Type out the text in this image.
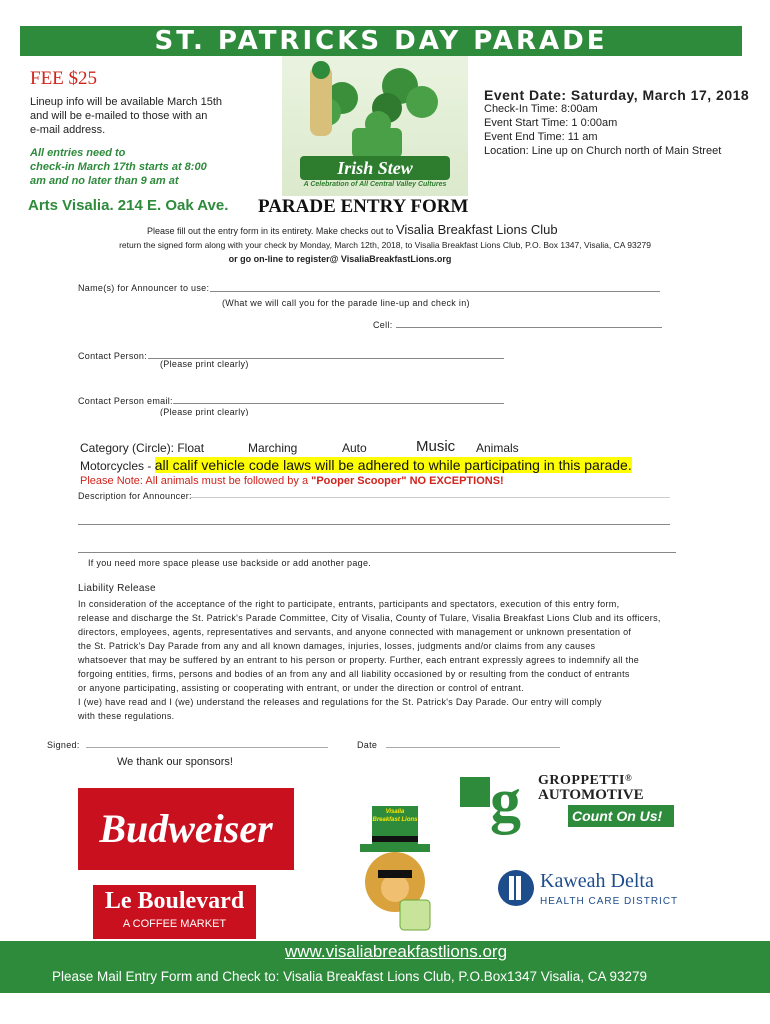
ST. PATRICKS DAY PARADE
FEE $25
Lineup info will be available March 15th
and will be e-mailed to those with an
e-mail address.
All entries need to
check-in March 17th starts at 8:00
am and no later than 9 am at
Arts Visalia. 214 E. Oak Ave.
Irish Stew
A Celebration of All Central Valley Cultures
PARADE ENTRY FORM
Event Date: Saturday, March 17, 2018
Check-In Time: 8:00am
Event Start Time: 1 0:00am
Event End Time: 11 am
Location: Line up on Church north of Main Street
Please fill out the entry form in its entirety. Make checks out to Visalia Breakfast Lions Club
return the signed form along with your check by Monday, March 12th, 2018, to Visalia Breakfast Lions Club, P.O. Box 1347, Visalia, CA 93279
or go on-line to register@ VisaliaBreakfastLions.org
Name(s) for Announcer to use:
(What we will call you for the parade line-up and check in)
Cell:
Contact Person:
(Please print clearly)
Contact Person email:
(Please print clearly)
Category (Circle): Float	Marching	Auto	Music Animals
Motorcycles - all calif vehicle code laws will be adhered to while participating in this parade.
Please Note: All animals must be followed by a "Pooper Scooper" NO EXCEPTIONS!
Description for Announcer:
If you need more space please use backside or add another page.
Liability Release
In consideration of the acceptance of the right to participate, entrants, participants and spectators, execution of this entry form,
release and discharge the St. Patrick's Parade Committee, City of Visalia, County of Tulare, Visalia Breakfast Lions Club and its officers,
directors, employees, agents, representatives and servants, and anyone connected with management or unknown presentation of
the St. Patrick's Day Parade from any and all known damages, injuries, losses, judgments and/or claims from any causes
whatsoever that may be suffered by an entrant to his person or property. Further, each entrant expressly agrees to indemnify all the
forgoing entities, firms, persons and bodies of an from any and all liability occasioned by or resulting from the conduct of entrants
or anyone participating, assisting or cooperating with entrant, or under the direction or control of entrant.
I (we) have read and I (we) understand the releases and regulations for the St. Patrick's Day Parade. Our entry will comply
with these regulations.
Signed:	Date
We thank our sponsors!
Budweiser
Le Boulevard
A COFFEE MARKET
Visalia Breakfast Lions g GROPPETTI®
AUTOMOTIVE
Count On Us!
Kaweah Delta
HEALTH CARE DISTRICT
www.visaliabreakfastlions.org
Please Mail Entry Form and Check to: Visalia Breakfast Lions Club, P.O.Box1347 Visalia, CA 93279
